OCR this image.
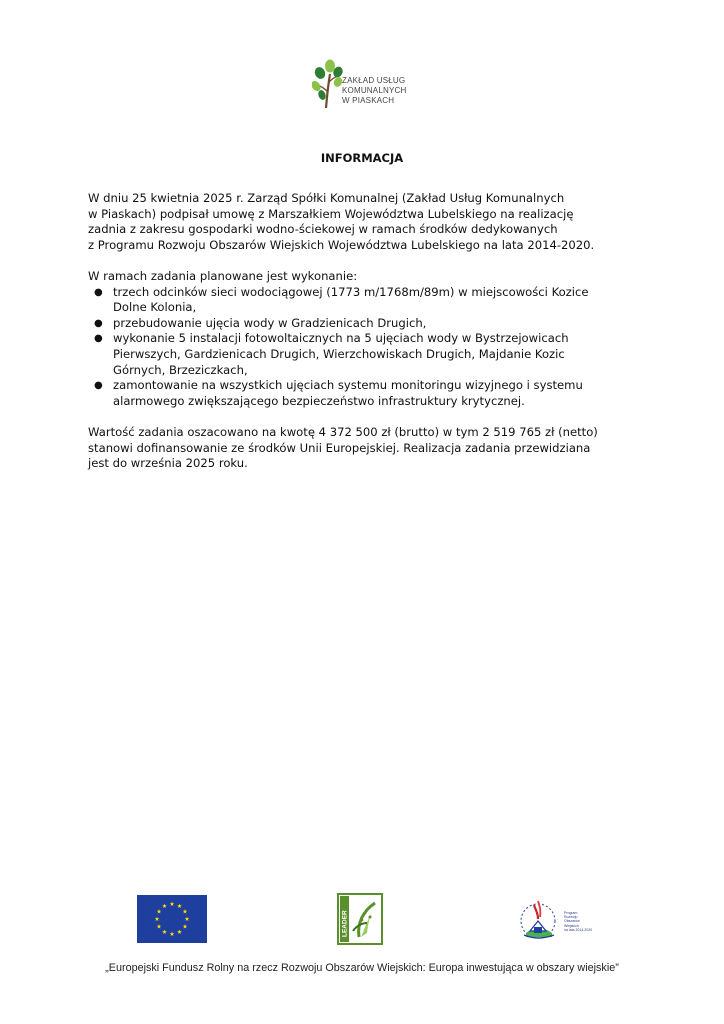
ZAKŁAD USŁUG
KOMUNALNYCH
W PIASKACH
INFORMACJA

W dniu 25 kwietnia 2025 r. Zarząd Spółki Komunalnej (Zakład Usług Komunalnych

w Piaskach) podpisał umowę z Marszałkiem Województwa Lubelskiego na realizację

zadnia z zakresu gospodarki wodno-ściekowej w ramach środków dedykowanych

z Programu Rozwoju Obszarów Wiejskich Województwa Lubelskiego na lata 2014-2020.

W ramach zadania planowane jest wykonanie:

● trzech odcinków sieci wodociągowej (1773 m/1768m/89m) w miejscowości Kozice
Dolne Kolonia,
● przebudowanie ujęcia wody w Gradzienicach Drugich,
● wykonanie 5 instalacji fotowoltaicznych na 5 ujęciach wody w Bystrzejowicach
Pierwszych, Gardzienicach Drugich, Wierzchowiskach Drugich, Majdanie Kozic
Górnych, Brzeziczkach,
● zamontowanie na wszystkich ujęciach systemu monitoringu wizyjnego i systemu
alarmowego zwiększającego bezpieczeństwo infrastruktury krytycznej.

Wartość zadania oszacowano na kwotę 4 372 500 zł (brutto) w tym 2 519 765 zł (netto)

stanowi dofinansowanie ze środków Unii Europejskiej. Realizacja zadania przewidziana

jest do września 2025 roku.

LEADER	Program
Rozwoju
Obszarów
Wiejskich
na lata 2014-2020
„Europejski Fundusz Rolny na rzecz Rozwoju Obszarów Wiejskich: Europa inwestująca w obszary wiejskie”
